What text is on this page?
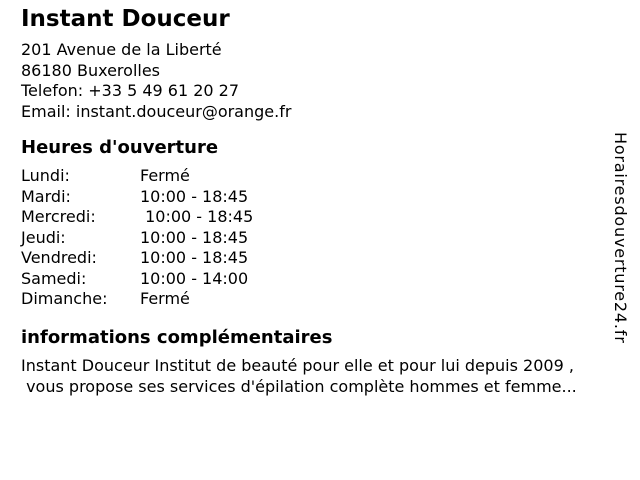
Instant Douceur
201 Avenue de la Liberté
86180 Buxerolles
Telefon: +33 5 49 61 20 27
Email: instant.douceur@orange.fr
Heures d'ouverture
Lundi:	Fermé
Mardi:	10:00 - 18:45
Mercredi:	10:00 - 18:45
Jeudi:	10:00 - 18:45
Vendredi:	10:00 - 18:45
Samedi:	10:00 - 14:00
Dimanche:	Fermé
informations complémentaires
Instant Douceur Institut de beauté pour elle et pour lui depuis 2009 ,
vous propose ses services d'épilation complète hommes et femme...
Horairesdouverture24.fr
